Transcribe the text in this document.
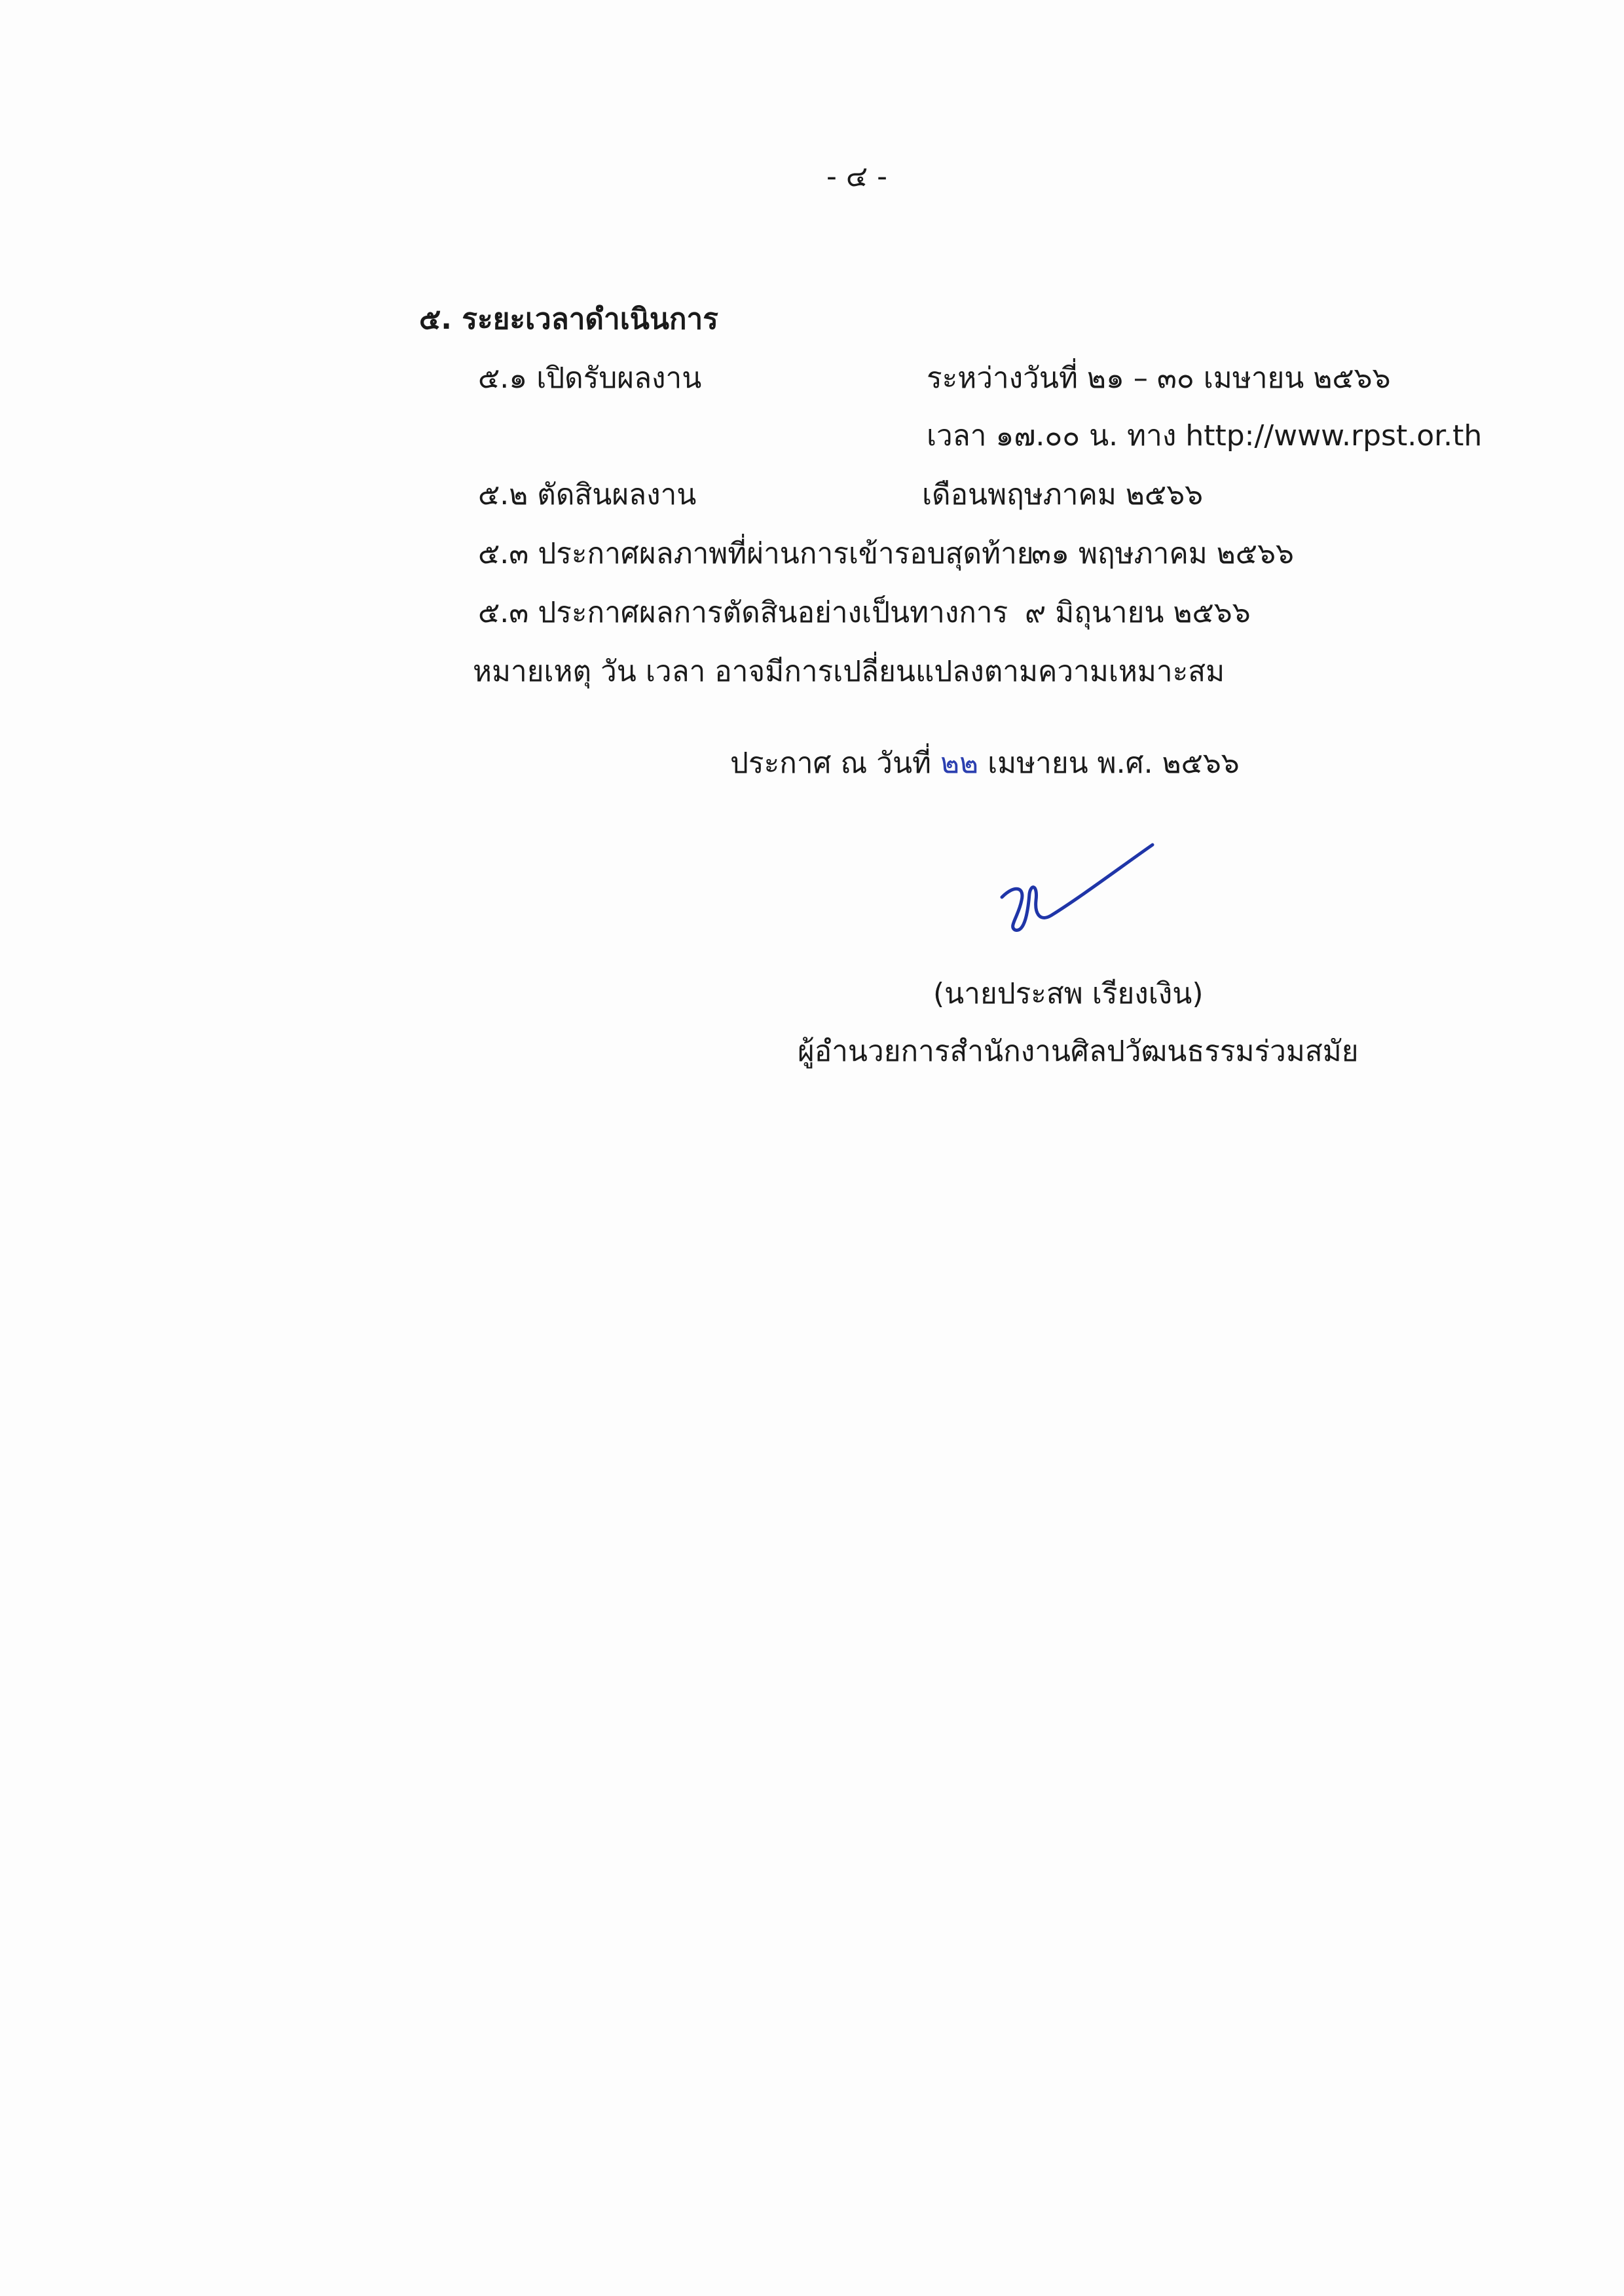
- ๔ -
๕. ระยะเวลาดำเนินการ
๕.๑ เปิดรับผลงาน	ระหว่างวันที่ ๒๑ – ๓๐ เมษายน ๒๕๖๖
เวลา ๑๗.๐๐ น. ทาง http://www.rpst.or.th
๕.๒ ตัดสินผลงาน	เดือนพฤษภาคม ๒๕๖๖
๕.๓ ประกาศผลภาพที่ผ่านการเข้ารอบสุดท้าย
๓๑ พฤษภาคม ๒๕๖๖
๕.๓ ประกาศผลการตัดสินอย่างเป็นทางการ ๙ มิถุนายน ๒๕๖๖
หมายเหตุ วัน เวลา อาจมีการเปลี่ยนแปลงตามความเหมาะสม
ประกาศ ณ วันที่ ๒๒ เมษายน พ.ศ. ๒๕๖๖
(นายประสพ เรียงเงิน)
ผู้อำนวยการสำนักงานศิลปวัฒนธรรมร่วมสมัย
